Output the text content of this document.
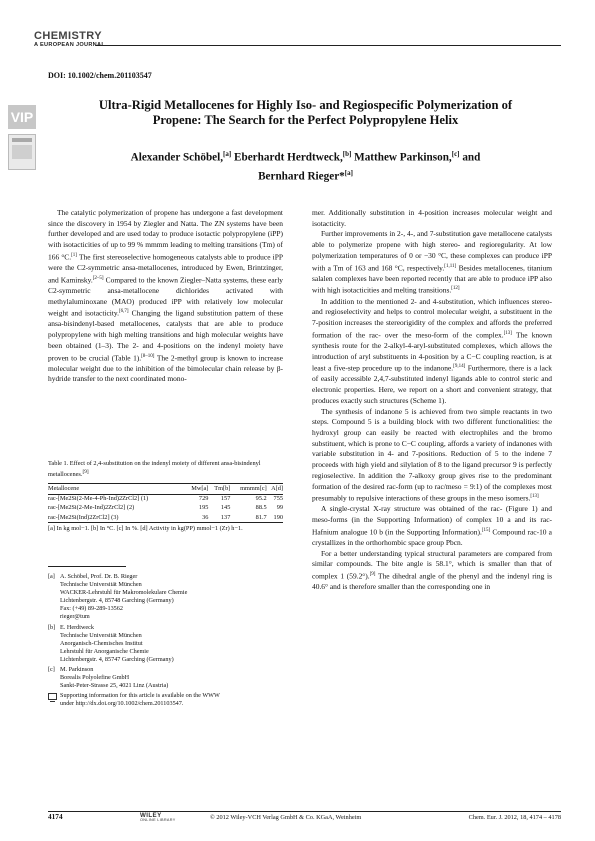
CHEMISTRY
A EUROPEAN JOURNAL
DOI: 10.1002/chem.201103547
VIP
Ultra-Rigid Metallocenes for Highly Iso- and Regiospecific Polymerization of
Propene: The Search for the Perfect Polypropylene Helix
Alexander Schöbel,[a] Eberhardt Herdtweck,[b] Matthew Parkinson,[c] and
Bernhard Rieger*[a]

The catalytic polymerization of propene has undergone a fast development since the discovery in 1954 by Ziegler and Natta. The ZN systems have been further developed and are used today to produce isotactic polypropylene (iPP) with isotacticities of up to 99 % mmmm leading to melting transitions (Tm) of 166 °C.[1] The first stereoselective homogeneous catalysts able to produce iPP were the C2-symmetric ansa-metallocenes, introduced by Ewen, Brintzinger, and Kaminsky.[2–5] Compared to the known Ziegler–Natta systems, these early C2-symmetric ansa-metallocene dichlorides activated with methylaluminoxane (MAO) produced iPP with relatively low molecular weight and isotacticity.[6,7] Changing the ligand substitution pattern of these ansa-bisindenyl-based metallocenes, catalysts that are able to produce polypropylene with high melting transitions and high molecular weights have been obtained (1–3). The 2- and 4-positions on the indenyl moiety have proven to be crucial (Table 1).[8–10] The 2-methyl group is known to increase molecular weight due to the inhibition of the bimolecular chain release by β-hydride transfer to the next coordinated mono-

Table 1. Effect of 2,4-substitution on the indenyl moiety of different ansa-bisindenyl metallocenes.[9]
Metallocene	Mw[a]	Tm[b]	mmmm[c]	A[d]
rac-[Me2Si(2-Me-4-Ph-Ind)2ZrCl2] (1)	729	157	95.2	755
rac-[Me2Si(2-Me-Ind)2ZrCl2] (2)	195	145	88.5	99
rac-[Me2Si(Ind)2ZrCl2] (3)	36	137	81.7	190
[a] In kg mol−1. [b] In °C. [c] In %. [d] Activity in kg(PP) mmol−1 (Zr) h−1.
[a] A. Schöbel, Prof. Dr. B. Rieger
Technische Universität München
WACKER-Lehrstuhl für Makromolekulare Chemie
Lichtenbergstr. 4, 85748 Garching (Germany)
Fax: (+49) 89-289-13562
rieger@tum
[b] E. Herdtweck
Technische Universität München
Anorganisch-Chemisches Institut
Lehrstuhl für Anorganische Chemie
Lichtenbergstr. 4, 85747 Garching (Germany)
[c] M. Parkinson
Borealis Polyolefine GmbH
Sankt-Peter-Strasse 25, 4021 Linz (Austria)
Supporting information for this article is available on the WWW
under http://dx.doi.org/10.1002/chem.201103547.

mer. Additionally substitution in 4-position increases molecular weight and isotacticity.

Further improvements in 2-, 4-, and 7-substitution gave metallocene catalysts able to polymerize propene with high stereo- and regioregularity. At low polymerization temperatures of 0 or −30 °C, these complexes can produce iPP with a Tm of 163 and 168 °C, respectively.[1,11] Besides metallocenes, titanium salalen complexes have been reported recently that are able to produce iPP also with high isotacticities and melting transitions.[12]

In addition to the mentioned 2- and 4-substitution, which influences stereo- and regioselectivity and helps to control molecular weight, a substituent in the 7-position increases the stereorigidity of the complex and affords the preferred formation of the rac- over the meso-form of the complex.[13] The known synthesis route for the 2-alkyl-4-aryl-substituted complexes, which allows the introduction of aryl substituents in 4-position by a C−C coupling reaction, is at least a five-step procedure up to the indanone.[9,14] Furthermore, there is a lack of easily accessible 2,4,7-substituted indenyl ligands able to control steric and electronic properties. Here, we report on a short and convenient strategy, that produces exactly such structures (Scheme 1).

The synthesis of indanone 5 is achieved from two simple reactants in two steps. Compound 5 is a building block with two different functionalities: the hydroxyl group can easily be reacted with electrophiles and the bromo substituent, which is prone to C−C coupling, affords a variety of indanones with variable substitution in 4- and 7-positions. Reduction of 5 to the indene 7 proceeds with high yield and silylation of 8 to the ligand precursor 9 is perfectly regioselective. In addition the 7-alkoxy group gives rise to the predominant formation of the desired rac-form (up to rac/meso = 9:1) of the complexes most presumably to repulsive interactions of these groups in the meso isomers.[13]

A single-crystal X-ray structure was obtained of the rac- (Figure 1) and meso-forms (in the Supporting Information) of complex 10 a and its rac-Hafnium analogue 10 b (in the Supporting Information).[15] Compound rac-10 a crystallizes in the orthorhombic space group Pbcn.

For a better understanding typical structural parameters are compared from similar compounds. The bite angle is 58.1°, which is smaller than that of complex 1 (59.2°).[9] The dihedral angle of the phenyl and the indenyl ring is 40.6° and is therefore smaller than the corresponding one in

4174	WILEY
ONLINE LIBRARY	© 2012 Wiley-VCH Verlag GmbH & Co. KGaA, Weinheim	Chem. Eur. J. 2012, 18, 4174 – 4178
